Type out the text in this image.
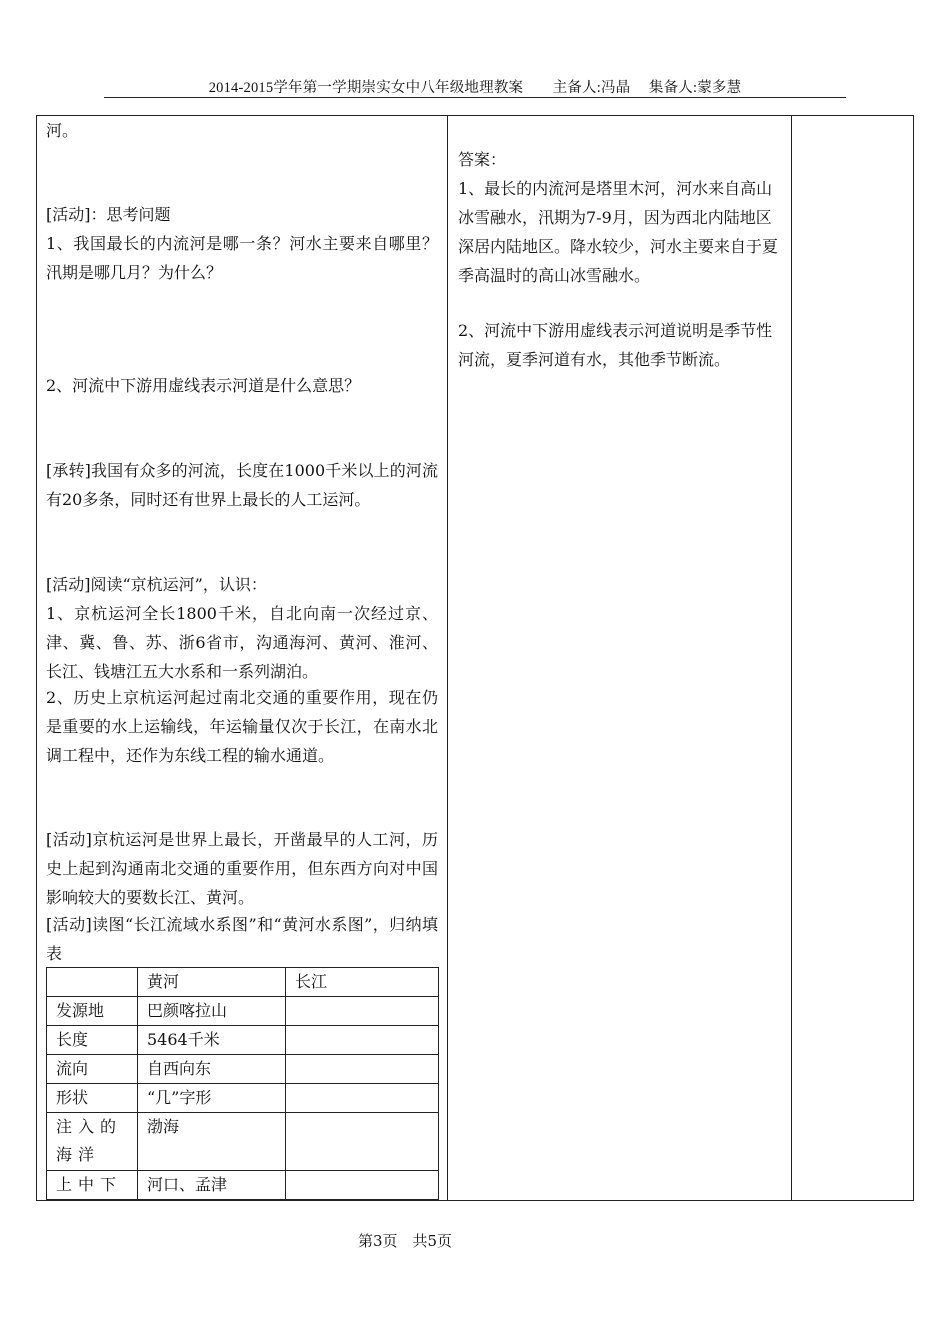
2014-2015学年第一学期崇实女中八年级地理教案　　主备人:冯晶　 集备人:蒙多慧
河。
[活动]：思考问题
1、我国最长的内流河是哪一条？河水主要来自哪里？汛期是哪几月？为什么？
2、河流中下游用虚线表示河道是什么意思？
[承转]我国有众多的河流，长度在1000千米以上的河流有20多条，同时还有世界上最长的人工运河。
[活动]阅读“京杭运河”，认识：
1、京杭运河全长1800千米，自北向南一次经过京、津、冀、鲁、苏、浙6省市，沟通海河、黄河、淮河、长江、钱塘江五大水系和一系列湖泊。
2、历史上京杭运河起过南北交通的重要作用，现在仍是重要的水上运输线，年运输量仅次于长江，在南水北调工程中，还作为东线工程的输水通道。
[活动]京杭运河是世界上最长，开凿最早的人工河，历史上起到沟通南北交通的重要作用，但东西方向对中国影响较大的要数长江、黄河。
[活动]读图“长江流域水系图”和“黄河水系图”，归纳填表
	黄河	长江
发源地	巴颜喀拉山	
长度	5464千米	
流向	自西向东	
形状	“几”字形	
注入的海洋	渤海	
上中下	河口、孟津	
答案：
1、最长的内流河是塔里木河，河水来自高山冰雪融水，汛期为7-9月，因为西北内陆地区深居内陆地区。降水较少，河水主要来自于夏季高温时的高山冰雪融水。
2、河流中下游用虚线表示河道说明是季节性河流，夏季河道有水，其他季节断流。
第3页　共5页
